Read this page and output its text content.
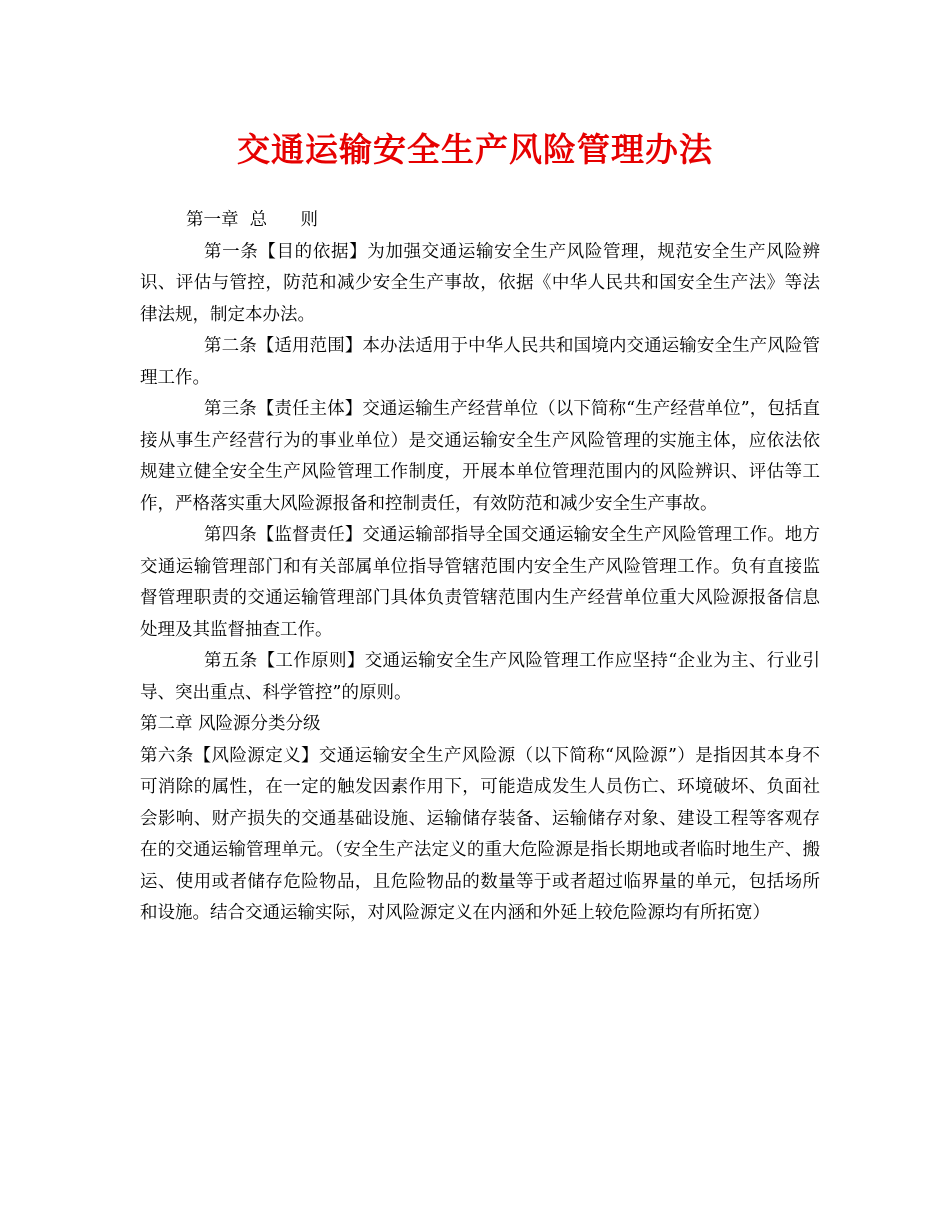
交通运输安全生产风险管理办法

第一章  总      则

第一条【目的依据】为加强交通运输安全生产风险管理，规范安全生产风险辨识、评估与管控，防范和减少安全生产事故，依据《中华人民共和国安全生产法》等法律法规，制定本办法。

第二条【适用范围】本办法适用于中华人民共和国境内交通运输安全生产风险管理工作。

第三条【责任主体】交通运输生产经营单位（以下简称“生产经营单位”，包括直接从事生产经营行为的事业单位）是交通运输安全生产风险管理的实施主体，应依法依规建立健全安全生产风险管理工作制度，开展本单位管理范围内的风险辨识、评估等工作，严格落实重大风险源报备和控制责任，有效防范和减少安全生产事故。

第四条【监督责任】交通运输部指导全国交通运输安全生产风险管理工作。地方交通运输管理部门和有关部属单位指导管辖范围内安全生产风险管理工作。负有直接监督管理职责的交通运输管理部门具体负责管辖范围内生产经营单位重大风险源报备信息处理及其监督抽查工作。

第五条【工作原则】交通运输安全生产风险管理工作应坚持“企业为主、行业引导、突出重点、科学管控”的原则。

第二章 风险源分类分级

第六条【风险源定义】交通运输安全生产风险源（以下简称“风险源”）是指因其本身不可消除的属性，在一定的触发因素作用下，可能造成发生人员伤亡、环境破坏、负面社会影响、财产损失的交通基础设施、运输储存装备、运输储存对象、建设工程等客观存在的交通运输管理单元。（安全生产法定义的重大危险源是指长期地或者临时地生产、搬运、使用或者储存危险物品，且危险物品的数量等于或者超过临界量的单元，包括场所和设施。结合交通运输实际，对风险源定义在内涵和外延上较危险源均有所拓宽）
